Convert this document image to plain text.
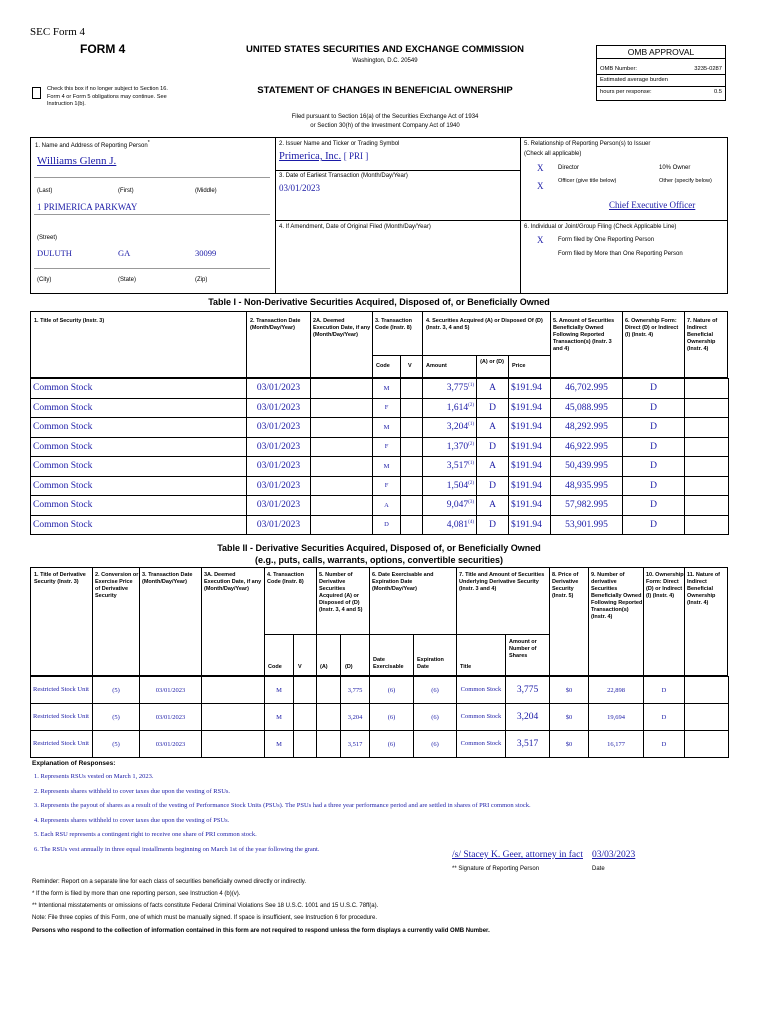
SEC Form 4
FORM 4	UNITED STATES SECURITIES AND EXCHANGE COMMISSION
Washington, D.C. 20549
Check this box if no longer subject to Section 16. Form 4 or Form 5 obligations may continue. See Instruction 1(b).
STATEMENT OF CHANGES IN BENEFICIAL OWNERSHIP
Filed pursuant to Section 16(a) of the Securities Exchange Act of 1934
or Section 30(h) of the Investment Company Act of 1940
OMB APPROVAL
OMB Number:	3235-0287
Estimated average burden
hours per response:	0.5
1. Name and Address of Reporting Person*
Williams Glenn J.
(Last)	(First)	(Middle)
1 PRIMERICA PARKWAY
(Street)
DULUTH	GA	30099
(City)	(State)	(Zip)
2. Issuer Name and Ticker or Trading Symbol
Primerica, Inc. [ PRI ]
3. Date of Earliest Transaction (Month/Day/Year)
03/01/2023
4. If Amendment, Date of Original Filed (Month/Day/Year)
5. Relationship of Reporting Person(s) to Issuer
(Check all applicable)
X Director	10% Owner
X	Officer (give title below)	Other (specify below)
Chief Executive Officer
6. Individual or Joint/Group Filing (Check Applicable Line)
X Form filed by One Reporting Person
Form filed by More than One Reporting Person
Table I - Non-Derivative Securities Acquired, Disposed of, or Beneficially Owned
1. Title of Security (Instr. 3)	2. Transaction Date (Month/Day/Year)
2A. Deemed Execution Date, if any (Month/Day/Year)
3. Transaction Code (Instr. 8)
4. Securities Acquired (A) or Disposed Of (D) (Instr. 3, 4 and 5)
5. Amount of Securities Beneficially Owned Following Reported Transaction(s) (Instr. 3 and 4)
6. Ownership Form: Direct (D) or Indirect (I) (Instr. 4)
7. Nature of Indirect Beneficial Ownership (Instr. 4)
Code	V	Amount
(A) or (D)
Price
Common Stock	03/01/2023		M		3,775$^{(1)}$	A	$191.94	46,702.995	D	
Common Stock	03/01/2023		F		1,614$^{(2)}$	D	$191.94	45,088.995	D	
Common Stock	03/01/2023		M		3,204$^{(1)}$	A	$191.94	48,292.995	D	
Common Stock	03/01/2023		F		1,370$^{(2)}$	D	$191.94	46,922.995	D	
Common Stock	03/01/2023		M		3,517$^{(1)}$	A	$191.94	50,439.995	D	
Common Stock	03/01/2023		F		1,504$^{(2)}$	D	$191.94	48,935.995	D	
Common Stock	03/01/2023		A		9,047$^{(3)}$	A	$191.94	57,982.995	D	
Common Stock	03/01/2023		D		4,081$^{(4)}$	D	$191.94	53,901.995	D	
Table II - Derivative Securities Acquired, Disposed of, or Beneficially Owned
(e.g., puts, calls, warrants, options, convertible securities)
1. Title of Derivative Security (Instr. 3)
2. Conversion or Exercise Price of Derivative Security
3. Transaction Date (Month/Day/Year)
3A. Deemed Execution Date, if any (Month/Day/Year)
4. Transaction Code (Instr. 8)
5. Number of Derivative Securities Acquired (A) or Disposed of (D) (Instr. 3, 4 and 5)
6. Date Exercisable and Expiration Date (Month/Day/Year)
7. Title and Amount of Securities Underlying Derivative Security (Instr. 3 and 4)
8. Price of Derivative Security (Instr. 5)
9. Number of derivative Securities Beneficially Owned Following Reported Transaction(s) (Instr. 4)
10. Ownership Form: Direct (D) or Indirect (I) (Instr. 4)
11. Nature of Indirect Beneficial Ownership (Instr. 4)
Code	V	(A)	(D)
Date Exercisable
Expiration Date	Title
Amount or Number of Shares
Restricted Stock Unit	(5)	03/01/2023		M			3,775	(6)	(6)	Common Stock	3,775	$0	22,898	D	
Restricted Stock Unit	(5)	03/01/2023		M			3,204	(6)	(6)	Common Stock	3,204	$0	19,694	D	
Restricted Stock Unit	(5)	03/01/2023		M			3,517	(6)	(6)	Common Stock	3,517	$0	16,177	D	
Explanation of Responses:
1. Represents RSUs vested on March 1, 2023.
2. Represents shares withheld to cover taxes due upon the vesting of RSUs.
3. Represents the payout of shares as a result of the vesting of Performance Stock Units (PSUs). The PSUs had a three year performance period and are settled in shares of PRI common stock.
4. Represents shares withheld to cover taxes due upon the vesting of PSUs.
5. Each RSU represents a contingent right to receive one share of PRI common stock.
6. The RSUs vest annually in three equal installments beginning on March 1st of the year following the grant.
/s/ Stacey K. Geer, attorney in fact 03/03/2023
** Signature of Reporting Person	Date
Reminder: Report on a separate line for each class of securities beneficially owned directly or indirectly.
* If the form is filed by more than one reporting person, see Instruction 4 (b)(v).
** Intentional misstatements or omissions of facts constitute Federal Criminal Violations See 18 U.S.C. 1001 and 15 U.S.C. 78ff(a).
Note: File three copies of this Form, one of which must be manually signed. If space is insufficient, see Instruction 6 for procedure.
Persons who respond to the collection of information contained in this form are not required to respond unless the form displays a currently valid OMB Number.
